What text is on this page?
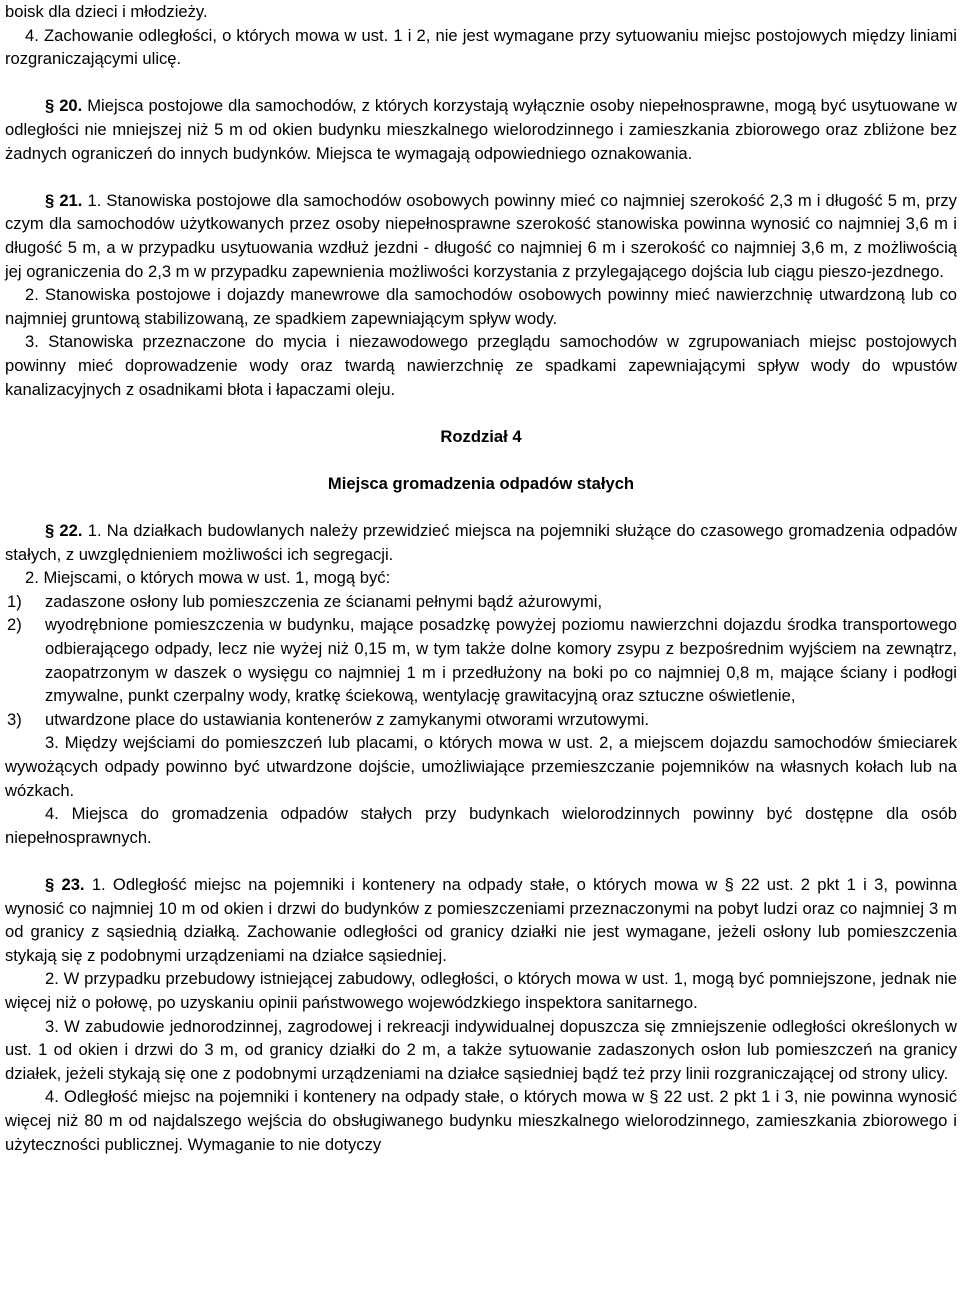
boisk dla dzieci i młodzieży.

4. Zachowanie odległości, o których mowa w ust. 1 i 2, nie jest wymagane przy sytuowaniu miejsc postojowych między liniami rozgraniczającymi ulicę.

§ 20. Miejsca postojowe dla samochodów, z których korzystają wyłącznie osoby niepełnosprawne, mogą być usytuowane w odległości nie mniejszej niż 5 m od okien budynku mieszkalnego wielorodzinnego i zamieszkania zbiorowego oraz zbliżone bez żadnych ograniczeń do innych budynków. Miejsca te wymagają odpowiedniego oznakowania.

§ 21. 1. Stanowiska postojowe dla samochodów osobowych powinny mieć co najmniej szerokość 2,3 m i długość 5 m, przy czym dla samochodów użytkowanych przez osoby niepełnosprawne szerokość stanowiska powinna wynosić co najmniej 3,6 m i długość 5 m, a w przypadku usytuowania wzdłuż jezdni - długość co najmniej 6 m i szerokość co najmniej 3,6 m, z możliwością jej ograniczenia do 2,3 m w przypadku zapewnienia możliwości korzystania z przylegającego dojścia lub ciągu pieszo-jezdnego.

2. Stanowiska postojowe i dojazdy manewrowe dla samochodów osobowych powinny mieć nawierzchnię utwardzoną lub co najmniej gruntową stabilizowaną, ze spadkiem zapewniającym spływ wody.

3. Stanowiska przeznaczone do mycia i niezawodowego przeglądu samochodów w zgrupowaniach miejsc postojowych powinny mieć doprowadzenie wody oraz twardą nawierzchnię ze spadkami zapewniającymi spływ wody do wpustów kanalizacyjnych z osadnikami błota i łapaczami oleju.

Rozdział 4

Miejsca gromadzenia odpadów stałych

§ 22. 1. Na działkach budowlanych należy przewidzieć miejsca na pojemniki służące do czasowego gromadzenia odpadów stałych, z uwzględnieniem możliwości ich segregacji.

2. Miejscami, o których mowa w ust. 1, mogą być:

1)	zadaszone osłony lub pomieszczenia ze ścianami pełnymi bądź ażurowymi,
2)	wyodrębnione pomieszczenia w budynku, mające posadzkę powyżej poziomu nawierzchni dojazdu środka transportowego odbierającego odpady, lecz nie wyżej niż 0,15 m, w tym także dolne komory zsypu z bezpośrednim wyjściem na zewnątrz, zaopatrzonym w daszek o wysięgu co najmniej 1 m i przedłużony na boki po co najmniej 0,8 m, mające ściany i podłogi zmywalne, punkt czerpalny wody, kratkę ściekową, wentylację grawitacyjną oraz sztuczne oświetlenie,
3)	utwardzone place do ustawiania kontenerów z zamykanymi otworami wrzutowymi.

3. Między wejściami do pomieszczeń lub placami, o których mowa w ust. 2, a miejscem dojazdu samochodów śmieciarek wywożących odpady powinno być utwardzone dojście, umożliwiające przemieszczanie pojemników na własnych kołach lub na wózkach.

4. Miejsca do gromadzenia odpadów stałych przy budynkach wielorodzinnych powinny być dostępne dla osób niepełnosprawnych.

§ 23. 1. Odległość miejsc na pojemniki i kontenery na odpady stałe, o których mowa w § 22 ust. 2 pkt 1 i 3, powinna wynosić co najmniej 10 m od okien i drzwi do budynków z pomieszczeniami przeznaczonymi na pobyt ludzi oraz co najmniej 3 m od granicy z sąsiednią działką. Zachowanie odległości od granicy działki nie jest wymagane, jeżeli osłony lub pomieszczenia stykają się z podobnymi urządzeniami na działce sąsiedniej.

2. W przypadku przebudowy istniejącej zabudowy, odległości, o których mowa w ust. 1, mogą być pomniejszone, jednak nie więcej niż o połowę, po uzyskaniu opinii państwowego wojewódzkiego inspektora sanitarnego.

3. W zabudowie jednorodzinnej, zagrodowej i rekreacji indywidualnej dopuszcza się zmniejszenie odległości określonych w ust. 1 od okien i drzwi do 3 m, od granicy działki do 2 m, a także sytuowanie zadaszonych osłon lub pomieszczeń na granicy działek, jeżeli stykają się one z podobnymi urządzeniami na działce sąsiedniej bądź też przy linii rozgraniczającej od strony ulicy.

4. Odległość miejsc na pojemniki i kontenery na odpady stałe, o których mowa w § 22 ust. 2 pkt 1 i 3, nie powinna wynosić więcej niż 80 m od najdalszego wejścia do obsługiwanego budynku mieszkalnego wielorodzinnego, zamieszkania zbiorowego i użyteczności publicznej. Wymaganie to nie dotyczy
